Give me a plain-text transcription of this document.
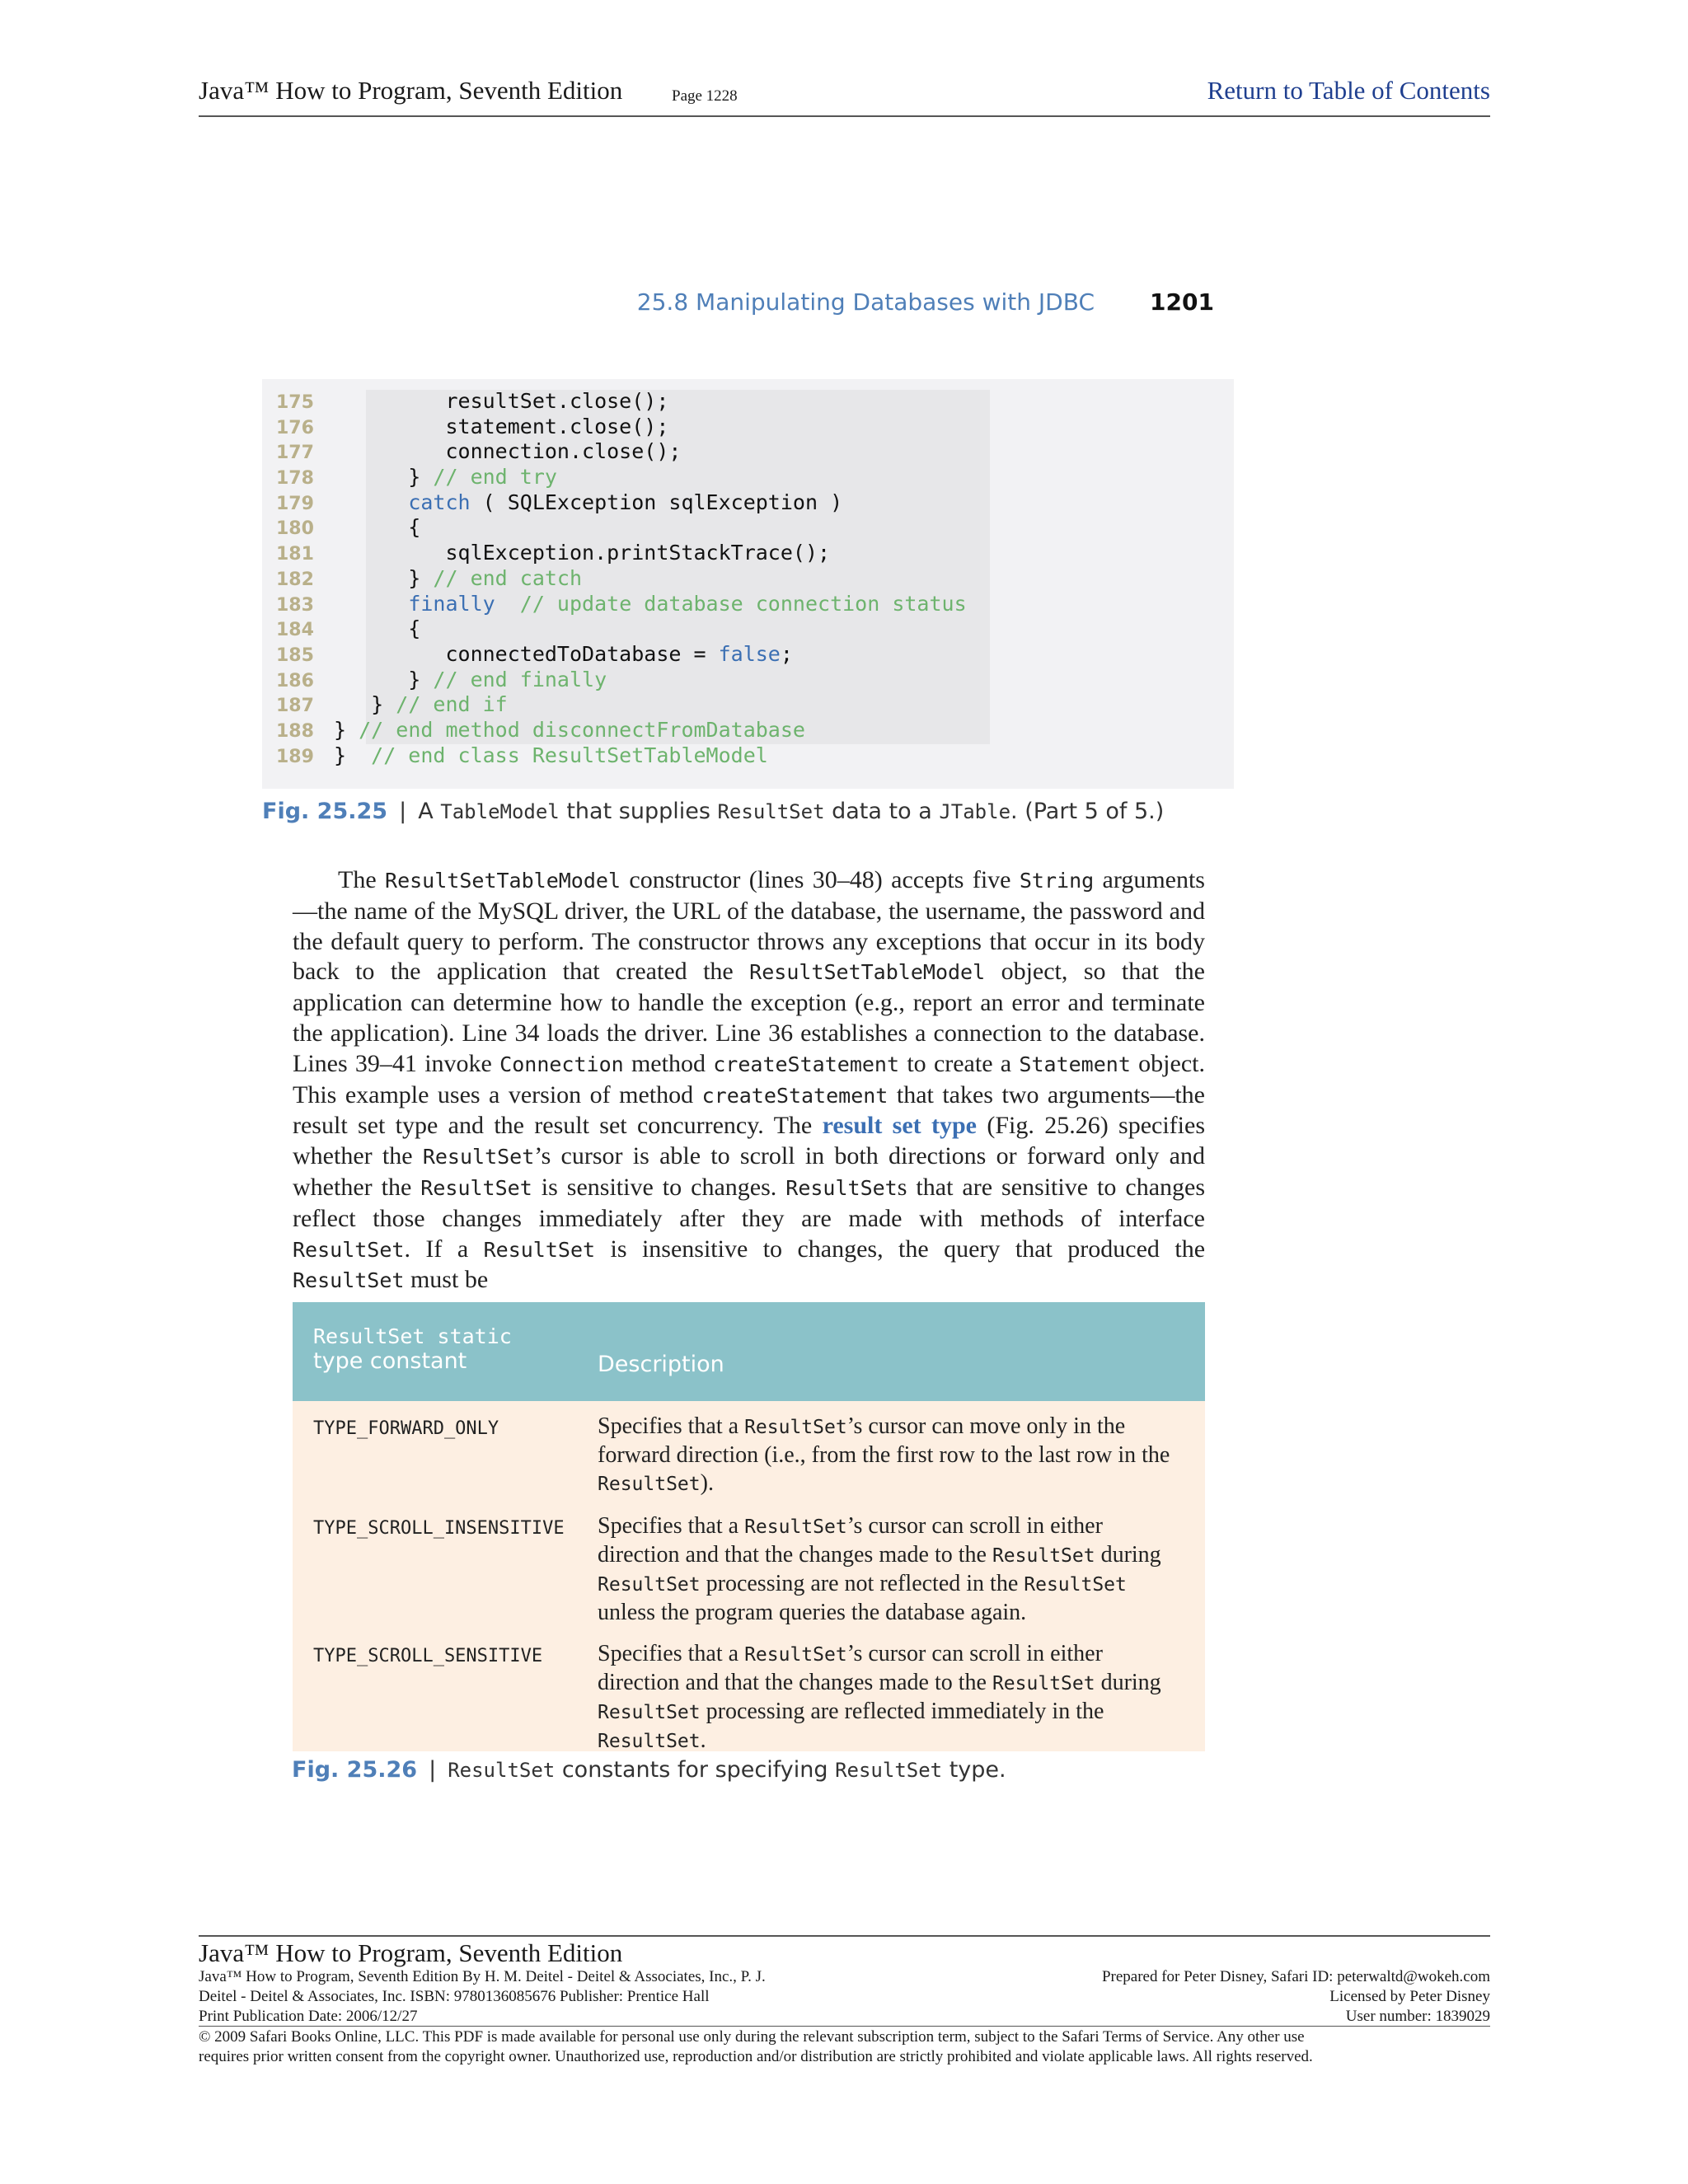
Java™ How to Program, Seventh Edition	Page 1228	Return to Table of Contents
25.8 Manipulating Databases with JDBC 1201
175         resultSet.close();
176         statement.close();
177         connection.close();
178      } // end try
179	catch ( SQLException sqlException )
180      {
181         sqlException.printStackTrace();
182      } // end catch
183	finally // update database connection status
184      {
185         connectedToDatabase = false;
186      } // end finally
187   } // end if
188 } // end method disconnectFromDatabase
189 }  // end class ResultSetTableModel
Fig. 25.25 | A TableModel that supplies ResultSet data to a JTable. (Part 5 of 5.)
The ResultSetTableModel constructor (lines 30–48) accepts five String arguments—the name of the MySQL driver, the URL of the database, the username, the password and the default query to perform. The constructor throws any exceptions that occur in its body back to the application that created the ResultSetTableModel object, so that the application can determine how to handle the exception (e.g., report an error and terminate the application). Line 34 loads the driver. Line 36 establishes a connection to the database. Lines 39–41 invoke Connection method createStatement to create a Statement object. This example uses a version of method createStatement that takes two arguments—the result set type and the result set concurrency. The result set type (Fig. 25.26) specifies whether the ResultSet’s cursor is able to scroll in both directions or forward only and whether the ResultSet is sensitive to changes. ResultSets that are sensitive to changes reflect those changes immediately after they are made with methods of interface ResultSet. If a ResultSet is insensitive to changes, the query that produced the ResultSet must be
ResultSet static
type constant	Description
TYPE_FORWARD_ONLY	Specifies that a ResultSet’s cursor can move only in the forward direction (i.e., from the first row to the last row in the ResultSet).
TYPE_SCROLL_INSENSITIVE Specifies that a ResultSet’s cursor can scroll in either direction and that the changes made to the ResultSet during ResultSet processing are not reflected in the ResultSet unless the program queries the database again.
TYPE_SCROLL_SENSITIVE Specifies that a ResultSet’s cursor can scroll in either direction and that the changes made to the ResultSet during ResultSet processing are reflected immediately in the ResultSet.
Fig. 25.26 | ResultSet constants for specifying ResultSet type.
Java™ How to Program, Seventh Edition
Java™ How to Program, Seventh Edition By H. M. Deitel - Deitel & Associates, Inc., P. J.
Deitel - Deitel & Associates, Inc. ISBN: 9780136085676 Publisher: Prentice Hall
Print Publication Date: 2006/12/27
Prepared for Peter Disney, Safari ID: peterwaltd@wokeh.com
Licensed by Peter Disney
User number: 1839029
© 2009 Safari Books Online, LLC. This PDF is made available for personal use only during the relevant subscription term, subject to the Safari Terms of Service. Any other use
requires prior written consent from the copyright owner. Unauthorized use, reproduction and/or distribution are strictly prohibited and violate applicable laws. All rights reserved.
